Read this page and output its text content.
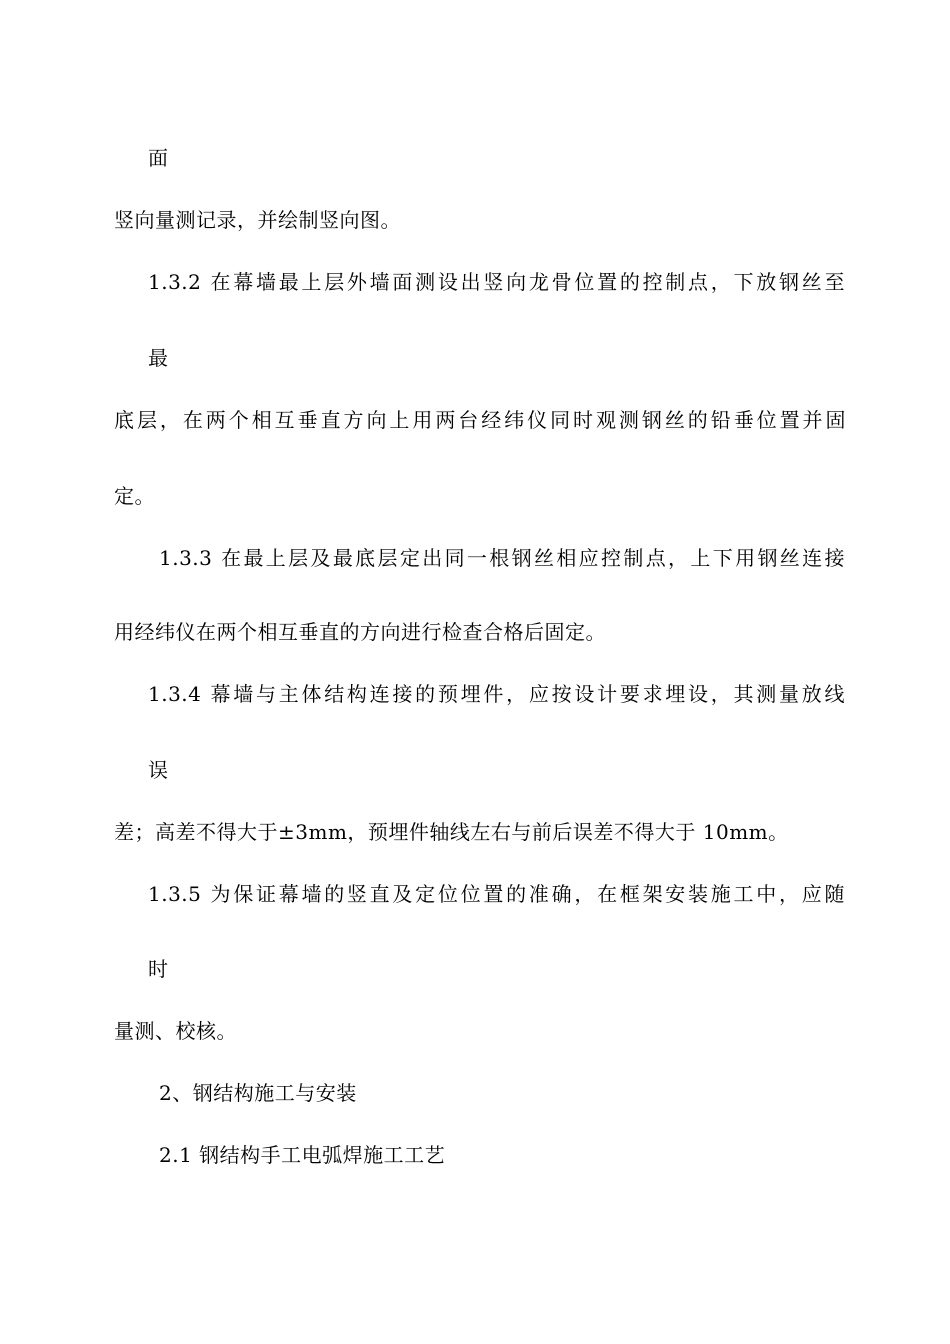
面
竖向量测记录，并绘制竖向图。
1.3.2 在幕墙最上层外墙面测设出竖向龙骨位置的控制点，下放钢丝至
最
底层，在两个相互垂直方向上用两台经纬仪同时观测钢丝的铅垂位置并固
定。
1.3.3 在最上层及最底层定出同一根钢丝相应控制点，上下用钢丝连接
用经纬仪在两个相互垂直的方向进行检查合格后固定。
1.3.4 幕墙与主体结构连接的预埋件，应按设计要求埋设，其测量放线
误
差；高差不得大于±3mm，预埋件轴线左右与前后误差不得大于 10mm。
1.3.5 为保证幕墙的竖直及定位位置的准确，在框架安装施工中，应随
时
量测、校核。
2、钢结构施工与安装
2.1 钢结构手工电弧焊施工工艺
